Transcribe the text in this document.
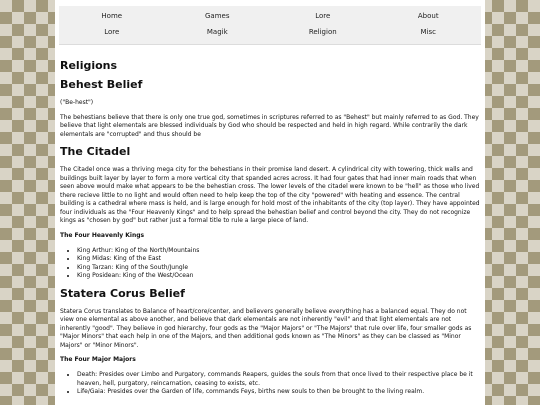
Home	Games	Lore	About
Lore	Magik	Religion	Misc
Religions
Behest Belief

("Be-hest")

The behestians believe that there is only one true god, sometimes in scriptures referred to as "Behest" but mainly referred to as God. They believe that light elementals are blessed individuals by God who should be respected and held in high regard. While contrarily the dark elementals are "corrupted" and thus should be

The Citadel

The Citadel once was a thriving mega city for the behestians in their promise land desert. A cylindrical city with towering, thick walls and buildings built layer by layer to form a more vertical city that spanded acres across. It had four gates that had inner main roads that when seen above would make what appears to be the behestian cross. The lower levels of the citadel were known to be "hell" as those who lived there recieve little to no light and would often need to help keep the top of the city "powered" with heating and essence. The central building is a cathedral where mass is held, and is large enough for hold most of the inhabitants of the city (top layer). They have appointed four individuals as the "Four Heavenly Kings" and to help spread the behestian belief and control beyond the city. They do not recognize kings as "chosen by god" but rather just a formal title to rule a large piece of land.

The Four Heavenly Kings
• King Arthur: King of the North/Mountains
• King Midas: King of the East
• King Tarzan: King of the South/Jungle
• King Posidean: King of the West/Ocean
Statera Corus Belief

Statera Corus translates to Balance of heart/core/center, and believers generally believe everything has a balanced equal. They do not view one elemental as above another, and believe that dark elementals are not inherently "evil" and that light elementals are not inherently "good". They believe in god hierarchy, four gods as the "Major Majors" or "The Majors" that rule over life, four smaller gods as "Major Minors" that each help in one of the Majors, and then additional gods known as "The Minors" as they can be classed as "Minor Majors" or "Minor Minors".

The Four Major Majors
• Death: Presides over Limbo and Purgatory, commands Reapers, guides the souls from that once lived to their respective place be it heaven, hell, purgatory, reincarnation, ceasing to exists, etc.
• Life/Gaia: Presides over the Garden of life, commands Feys, births new souls to then be brought to the living realm.
